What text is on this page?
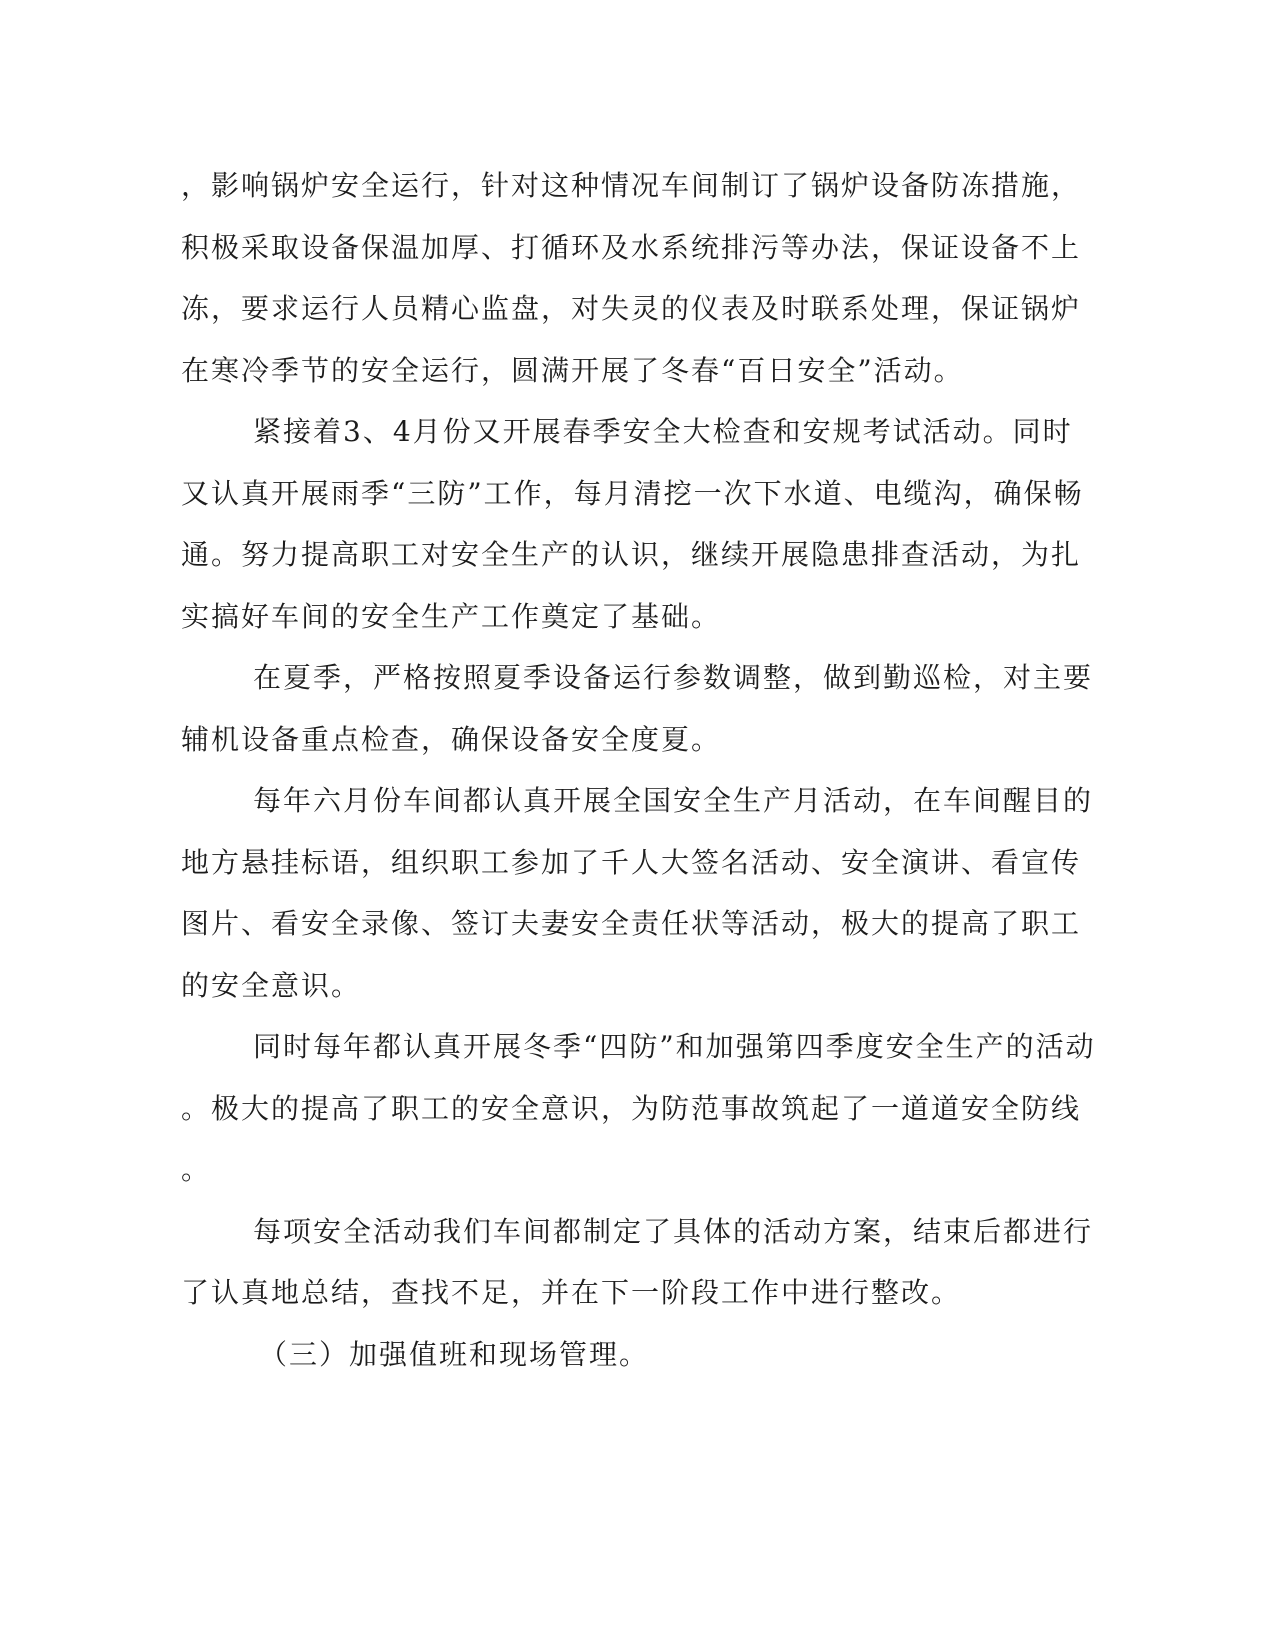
，影响锅炉安全运行，针对这种情况车间制订了锅炉设备防冻措施，
积极采取设备保温加厚、打循环及水系统排污等办法，保证设备不上
冻，要求运行人员精心监盘，对失灵的仪表及时联系处理，保证锅炉
在寒冷季节的安全运行，圆满开展了冬春“百日安全”活动。
紧接着3、4月份又开展春季安全大检查和安规考试活动。同时
又认真开展雨季“三防”工作，每月清挖一次下水道、电缆沟，确保畅
通。努力提高职工对安全生产的认识，继续开展隐患排查活动，为扎
实搞好车间的安全生产工作奠定了基础。
在夏季，严格按照夏季设备运行参数调整，做到勤巡检，对主要
辅机设备重点检查，确保设备安全度夏。
每年六月份车间都认真开展全国安全生产月活动，在车间醒目的
地方悬挂标语，组织职工参加了千人大签名活动、安全演讲、看宣传
图片、看安全录像、签订夫妻安全责任状等活动，极大的提高了职工
的安全意识。
同时每年都认真开展冬季“四防”和加强第四季度安全生产的活动
。极大的提高了职工的安全意识，为防范事故筑起了一道道安全防线
。
每项安全活动我们车间都制定了具体的活动方案，结束后都进行
了认真地总结，查找不足，并在下一阶段工作中进行整改。
（三）加强值班和现场管理。
